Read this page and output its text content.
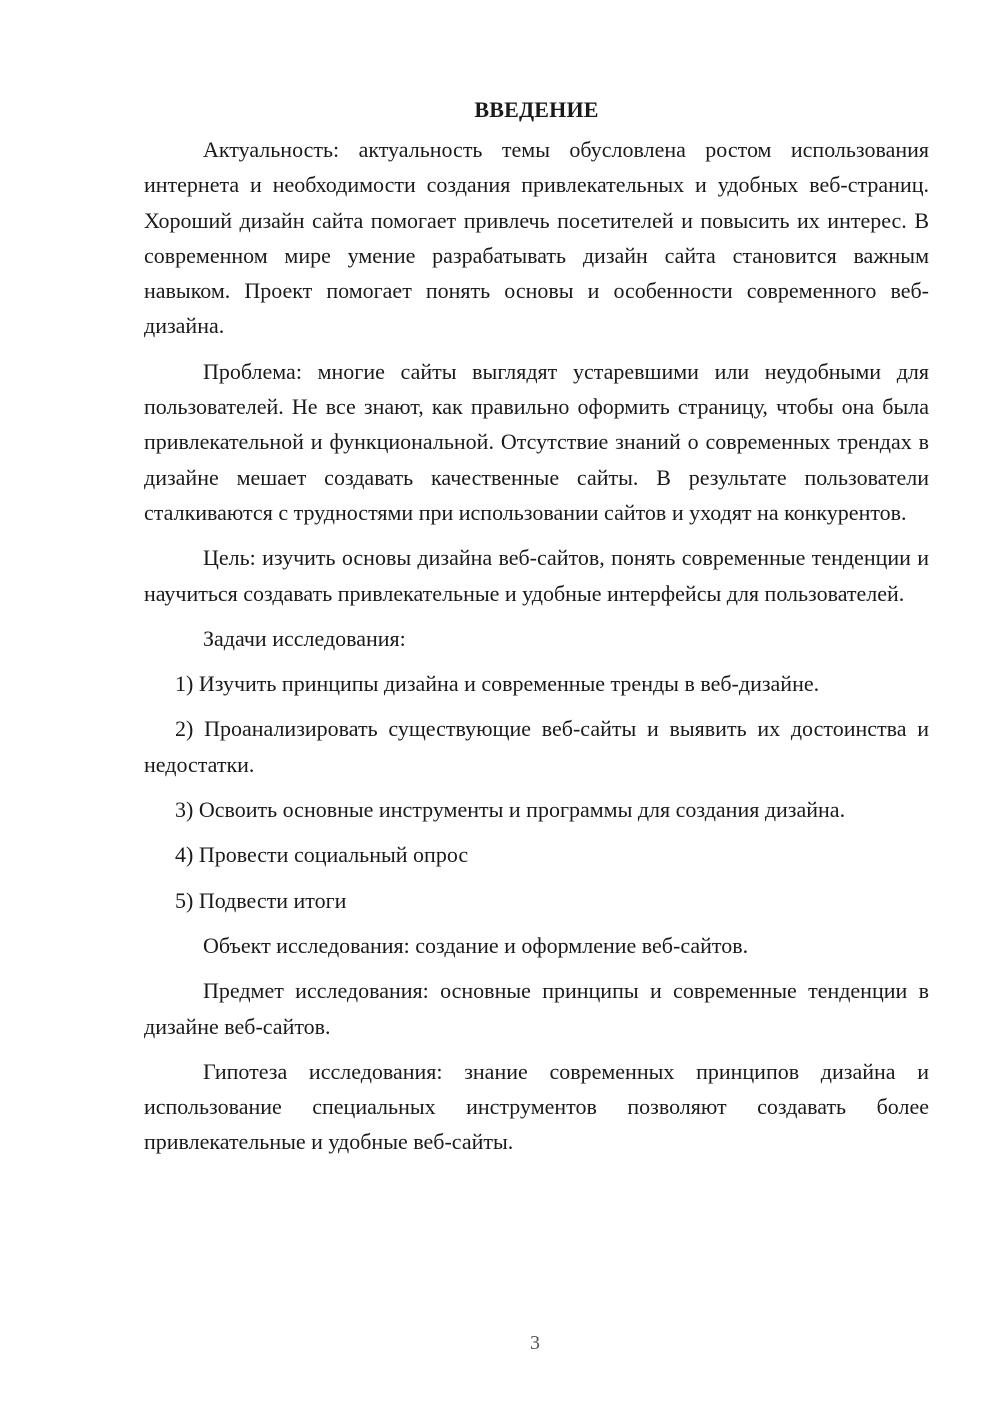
ВВЕДЕНИЕ

Актуальность: актуальность темы обусловлена ростом использования интернета и необходимости создания привлекательных и удобных веб-страниц. Хороший дизайн сайта помогает привлечь посетителей и повысить их интерес. В современном мире умение разрабатывать дизайн сайта становится важным навыком. Проект помогает понять основы и особенности современного веб-дизайна.

Проблема: многие сайты выглядят устаревшими или неудобными для пользователей. Не все знают, как правильно оформить страницу, чтобы она была привлекательной и функциональной. Отсутствие знаний о современных трендах в дизайне мешает создавать качественные сайты. В результате пользователи сталкиваются с трудностями при использовании сайтов и уходят на конкурентов.

Цель: изучить основы дизайна веб-сайтов, понять современные тенденции и научиться создавать привлекательные и удобные интерфейсы для пользователей.

Задачи исследования:

1) Изучить принципы дизайна и современные тренды в веб-дизайне.

2) Проанализировать существующие веб-сайты и выявить их достоинства и недостатки.

3) Освоить основные инструменты и программы для создания дизайна.

4) Провести социальный опрос

5) Подвести итоги

Объект исследования: создание и оформление веб-сайтов.

Предмет исследования: основные принципы и современные тенденции в дизайне веб-сайтов.

Гипотеза исследования: знание современных принципов дизайна и использование специальных инструментов позволяют создавать более привлекательные и удобные веб-сайты.

3
